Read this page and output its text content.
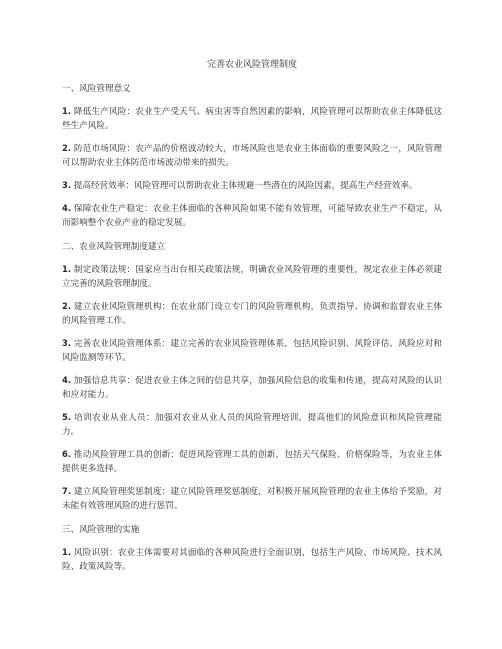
完善农业风险管理制度

一、风险管理意义

1. 降低生产风险：农业生产受天气、病虫害等自然因素的影响，风险管理可以帮助农业主体降低这些生产风险。

2. 防范市场风险：农产品的价格波动较大，市场风险也是农业主体面临的重要风险之一，风险管理可以帮助农业主体防范市场波动带来的损失。

3. 提高经营效率：风险管理可以帮助农业主体规避一些潜在的风险因素，提高生产经营效率。

4. 保障农业生产稳定：农业主体面临的各种风险如果不能有效管理，可能导致农业生产不稳定，从而影响整个农业产业的稳定发展。

二、农业风险管理制度建立

1. 制定政策法规：国家应当出台相关政策法规，明确农业风险管理的重要性，规定农业主体必须建立完善的风险管理制度。

2. 建立农业风险管理机构：在农业部门设立专门的风险管理机构，负责指导、协调和监督农业主体的风险管理工作。

3. 完善农业风险管理体系：建立完善的农业风险管理体系，包括风险识别、风险评估、风险应对和风险监测等环节。

4. 加强信息共享：促进农业主体之间的信息共享，加强风险信息的收集和传递，提高对风险的认识和应对能力。

5. 培训农业从业人员：加强对农业从业人员的风险管理培训，提高他们的风险意识和风险管理能力。

6. 推动风险管理工具的创新：促进风险管理工具的创新，包括天气保险、价格保险等，为农业主体提供更多选择。

7. 建立风险管理奖惩制度：建立风险管理奖惩制度，对积极开展风险管理的农业主体给予奖励，对未能有效管理风险的进行惩罚。

三、风险管理的实施

1. 风险识别：农业主体需要对其面临的各种风险进行全面识别，包括生产风险、市场风险、技术风险、政策风险等。
